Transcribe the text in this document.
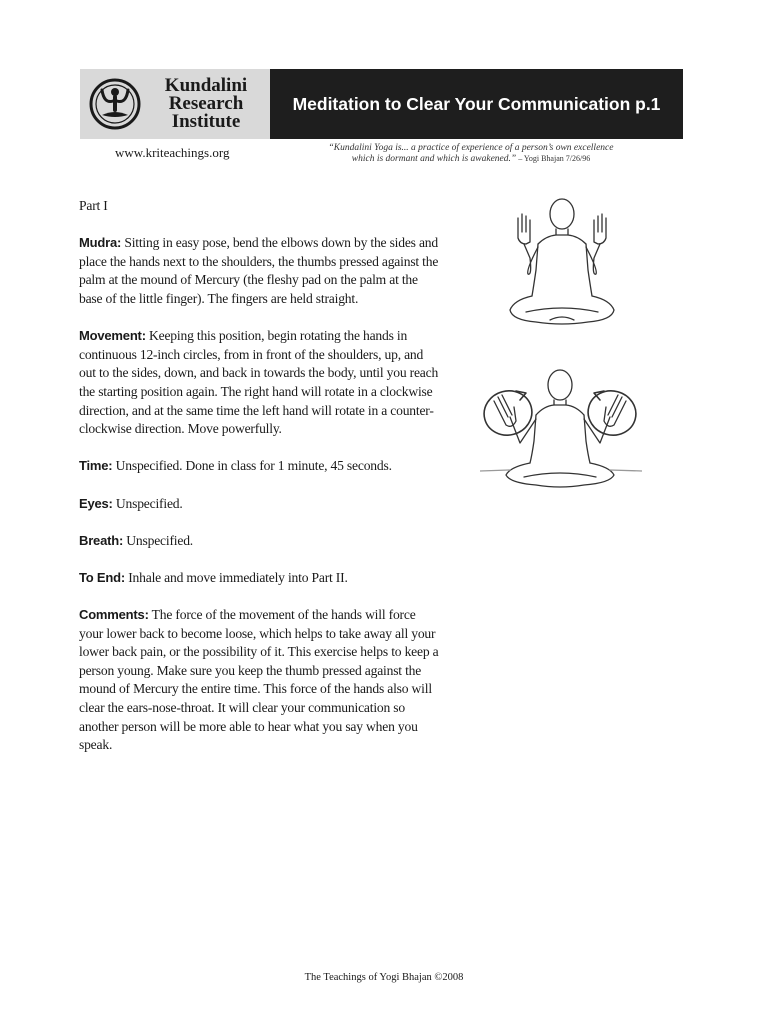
Kundalini
Research
Institute
Meditation to Clear Your Communication p.1
www.kriteachings.org	“Kundalini Yoga is... a practice of experience of a person’s own excellence
which is dormant and which is awakened.” – Yogi Bhajan 7/26/96

Part I

Mudra: Sitting in easy pose, bend the elbows down by the sides and place the hands next to the shoulders, the thumbs pressed against the palm at the mound of Mercury (the fleshy pad on the palm at the base of the little finger). The fingers are held straight.

Movement: Keeping this position, begin rotating the hands in continuous 12-inch circles, from in front of the shoulders, up, and out to the sides, down, and back in towards the body, until you reach the starting position again. The right hand will rotate in a clockwise direction, and at the same time the left hand will rotate in a counter-clockwise direction. Move powerfully.

Time: Unspecified. Done in class for 1 minute, 45 seconds.

Eyes: Unspecified.

Breath: Unspecified.

To End: Inhale and move immediately into Part II.

Comments: The force of the movement of the hands will force your lower back to become loose, which helps to take away all your lower back pain, or the possibility of it. This exercise helps to keep a person young. Make sure you keep the thumb pressed against the mound of Mercury the entire time. This force of the hands also will clear the ears-nose-throat. It will clear your communication so another person will be more able to hear what you say when you speak.

The Teachings of Yogi Bhajan ©2008
